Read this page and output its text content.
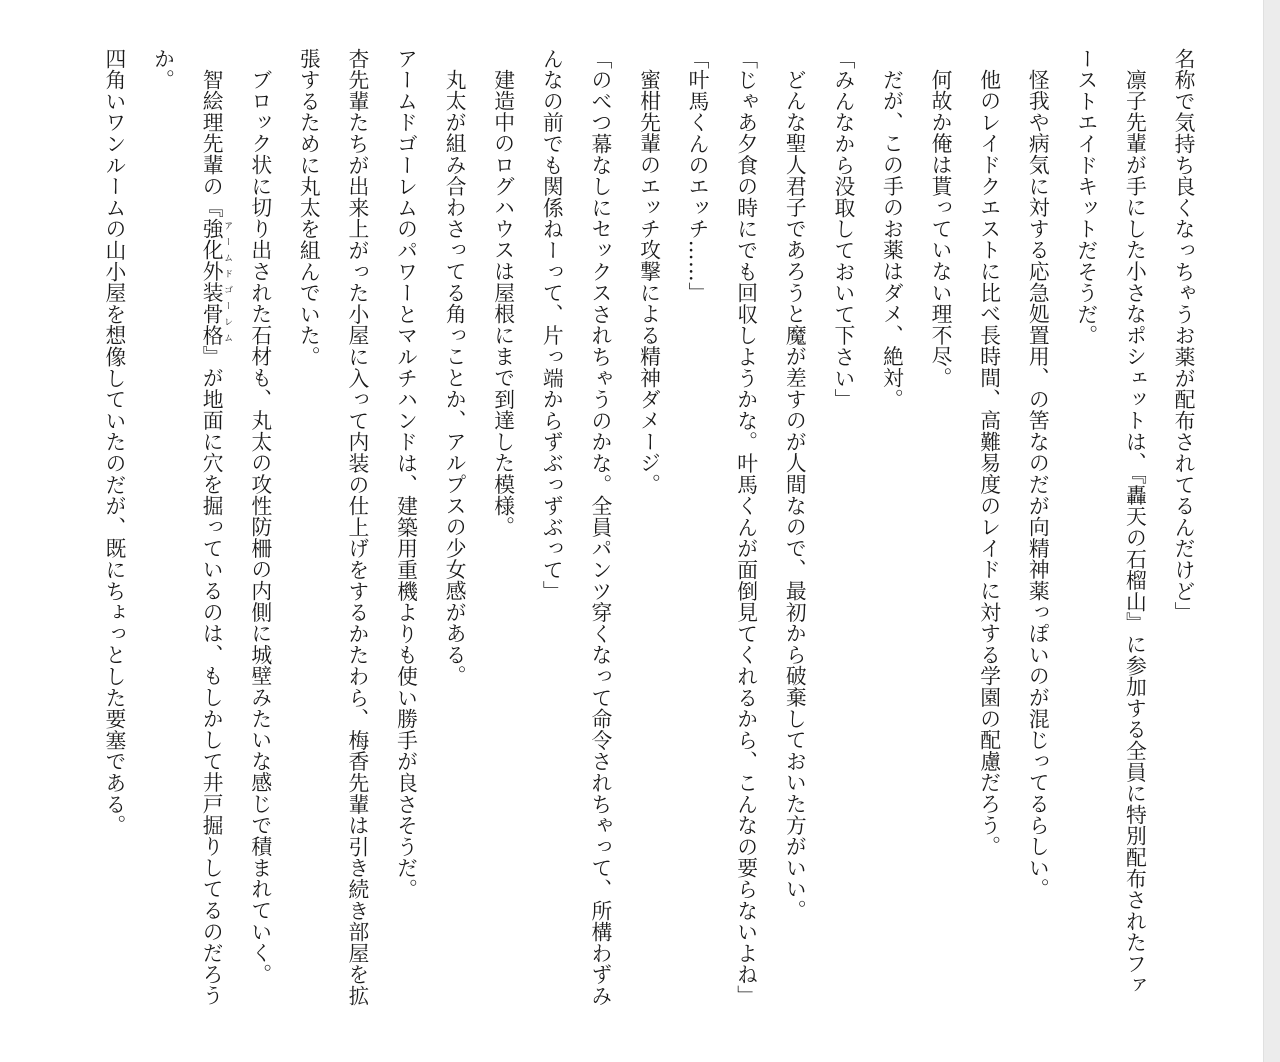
名称で気持ち良くなっちゃうお薬が配布されてるんだけど」

凛子先輩が手にした小さなポシェットは、『轟天の石榴山』に参加する全員に特別配布されたファーストエイドキットだそうだ。

怪我や病気に対する応急処置用、の筈なのだが向精神薬っぽいのが混じってるらしい。

他のレイドクエストに比べ長時間、高難易度のレイドに対する学園の配慮だろう。

何故か俺は貰っていない理不尽。

だが、この手のお薬はダメ、絶対。

「みんなから没取しておいて下さい」

どんな聖人君子であろうと魔が差すのが人間なので、最初から破棄しておいた方がいい。

「じゃあ夕食の時にでも回収しようかな。叶馬くんが面倒見てくれるから、こんなの要らないよね」

「叶馬くんのエッチ……」

蜜柑先輩のエッチ攻撃による精神ダメージ。

「のべつ幕なしにセックスされちゃうのかな。全員パンツ穿くなって命令されちゃって、所構わずみんなの前でも関係ねーって、片っ端からずぶっずぶって」

建造中のログハウスは屋根にまで到達した模様。

丸太が組み合わさってる角っことか、アルプスの少女感がある。

アームドゴーレムのパワーとマルチハンドは、建築用重機よりも使い勝手が良さそうだ。

杏先輩たちが出来上がった小屋に入って内装の仕上げをするかたわら、梅香先輩は引き続き部屋を拡張するために丸太を組んでいた。

ブロック状に切り出された石材も、丸太の攻性防柵の内側に城壁みたいな感じで積まれていく。

智絵理先輩の『強化外装骨格 アームドゴーレム』が地面に穴を掘っているのは、もしかして井戸掘りしてるのだろうか。

四角いワンルームの山小屋を想像していたのだが、既にちょっとした要塞である。
